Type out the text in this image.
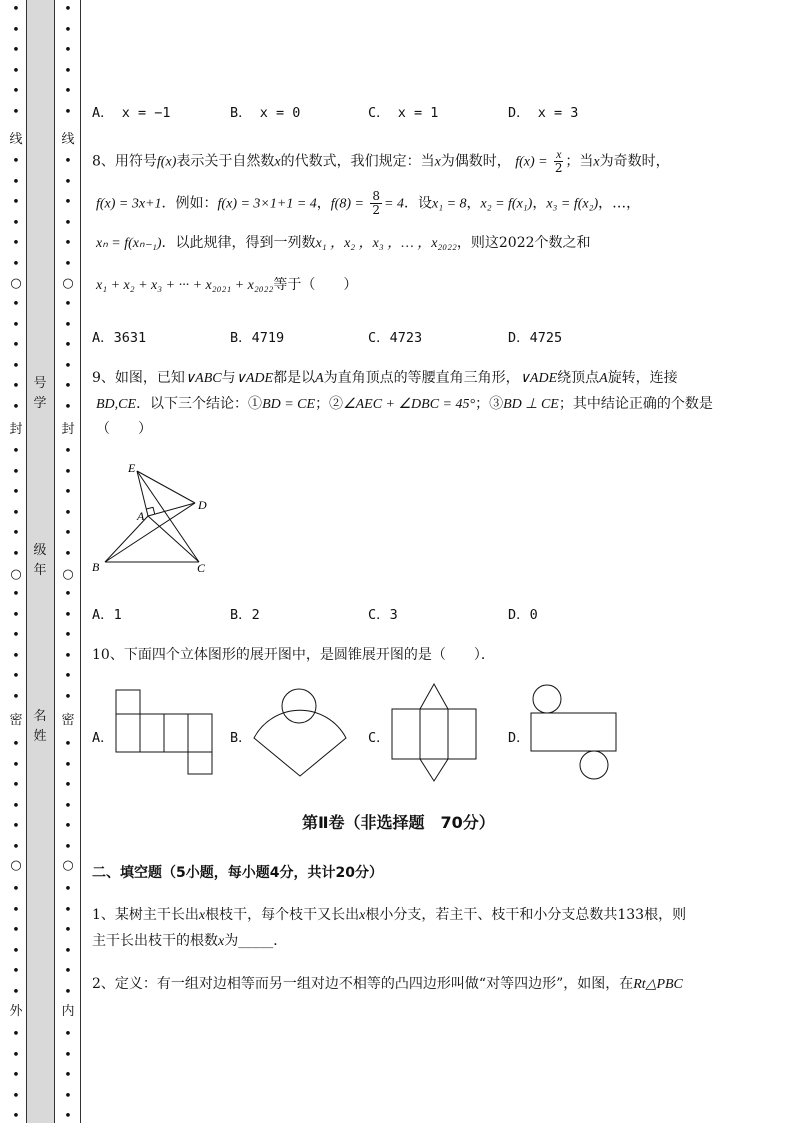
•
•
•
•
•
•
•
•
•
•
•
•
•
•
•
•
•
•
•
•
•
•
•
•
•
•
•
•
•
•
•
•
•
•
•
•
•
•
•
•
•
•
•
•
•
•
•
线
○
封
○
密
○
外
•
•
•
•
•
•
•
•
•
•
•
•
•
•
•
•
•
•
•
•
•
•
•
•
•
•
•
•
•
•
•
•
•
•
•
•
•
•
•
•
•
•
•
•
•
•
•
线
○
封
○
密
○
内
号
学
级
年
名
姓
A． x = −1	B． x = 0	C． x = 1	D． x = 3
8、用符号f(x)表示关于自然数x的代数式，我们规定：当x为偶数时， $f(x) = \frac{x}{2}$ ；当x为奇数时，
f(x) = 3x+1．例如：f(x) = 3×1+1 = 4，$f(8) = \frac{8}{2} = 4$．设x₁ = 8，x₂ = f(x₁)，x₃ = f(x₂)，…，
xₙ = f(xₙ₋₁)．以此规律，得到一列数x₁ ，x₂ ，x₃ ，… ，x₂₀₂₂，则这2022个数之和
x₁ + x₂ + x₃ + ··· + x₂₀₂₁ + x₂₀₂₂等于（　　）
A．3631	B．4719	C．4723	D．4725
9、如图，已知∨ABC与∨ADE都是以A为直角顶点的等腰直角三角形，∨ADE绕顶点A旋转，连接
BD,CE．以下三个结论：①BD = CE；②∠AEC + ∠DBC = 45°；③BD ⊥ CE；其中结论正确的个数是
（　　）
E
D
A
B	C
A．1	B．2	C．3	D．0
10、下面四个立体图形的展开图中，是圆锥展开图的是（　　）．
A．	B．	C．	D．
第Ⅱ卷（非选择题　70分）
二、填空题（5小题，每小题4分，共计20分）
1、某树主干长出x根枝干，每个枝干又长出x根小分支，若主干、枝干和小分支总数共133根，则
主干长出枝干的根数x为_____．
2、定义：有一组对边相等而另一组对边不相等的凸四边形叫做“对等四边形”，如图，在Rt△PBC
